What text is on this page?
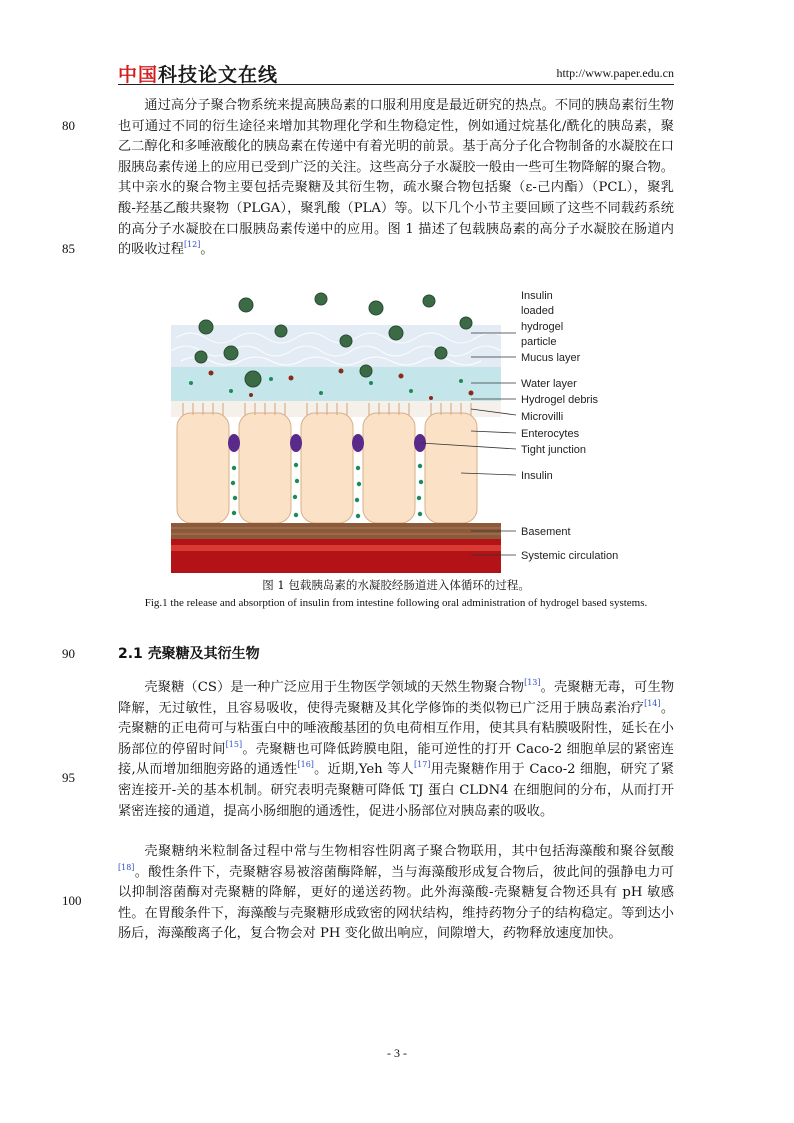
中国科技论文在线	http://www.paper.edu.cn

通过高分子聚合物系统来提高胰岛素的口服利用度是最近研究的热点。不同的胰岛素衍生物也可通过不同的衍生途径来增加其物理化学和生物稳定性，例如通过烷基化/酰化的胰岛素，聚乙二醇化和多唾液酸化的胰岛素在传递中有着光明的前景。基于高分子化合物制备的水凝胶在口服胰岛素传递上的应用已受到广泛的关注。这些高分子水凝胶一般由一些可生物降解的聚合物。其中亲水的聚合物主要包括壳聚糖及其衍生物，疏水聚合物包括聚（ε-己内酯）（PCL），聚乳酸-羟基乙酸共聚物（PLGA），聚乳酸（PLA）等。以下几个小节主要回顾了这些不同载药系统的高分子水凝胶在口服胰岛素传递中的应用。图 1 描述了包载胰岛素的高分子水凝胶在肠道内的吸收过程[12]。

80
85
90
95
100
Insulin
loaded
hydrogel
particle
Mucus layer
Water layer
Hydrogel debris
Microvilli
Enterocytes
Tight junction
Insulin
Basement
Systemic circulation
图 1 包载胰岛素的水凝胶经肠道进入体循环的过程。
Fig.1 the release and absorption of insulin from intestine following oral administration of hydrogel based systems.
2.1 壳聚糖及其衍生物

壳聚糖（CS）是一种广泛应用于生物医学领域的天然生物聚合物[13]。壳聚糖无毒，可生物降解，无过敏性，且容易吸收，使得壳聚糖及其化学修饰的类似物已广泛用于胰岛素治疗[14]。壳聚糖的正电荷可与粘蛋白中的唾液酸基团的负电荷相互作用，使其具有粘膜吸附性，延长在小肠部位的停留时间[15]。壳聚糖也可降低跨膜电阻，能可逆性的打开 Caco-2 细胞单层的紧密连接,从而增加细胞旁路的通透性[16]。近期,Yeh 等人[17]用壳聚糖作用于 Caco-2 细胞，研究了紧密连接开-关的基本机制。研究表明壳聚糖可降低 TJ 蛋白 CLDN4 在细胞间的分布，从而打开紧密连接的通道，提高小肠细胞的通透性，促进小肠部位对胰岛素的吸收。

壳聚糖纳米粒制备过程中常与生物相容性阴离子聚合物联用，其中包括海藻酸和聚谷氨酸[18]。酸性条件下，壳聚糖容易被溶菌酶降解，当与海藻酸形成复合物后，彼此间的强静电力可以抑制溶菌酶对壳聚糖的降解，更好的递送药物。此外海藻酸-壳聚糖复合物还具有 pH 敏感性。在胃酸条件下，海藻酸与壳聚糖形成致密的网状结构，维持药物分子的结构稳定。等到达小肠后，海藻酸离子化，复合物会对 PH 变化做出响应，间隙增大，药物释放速度加快。

- 3 -
